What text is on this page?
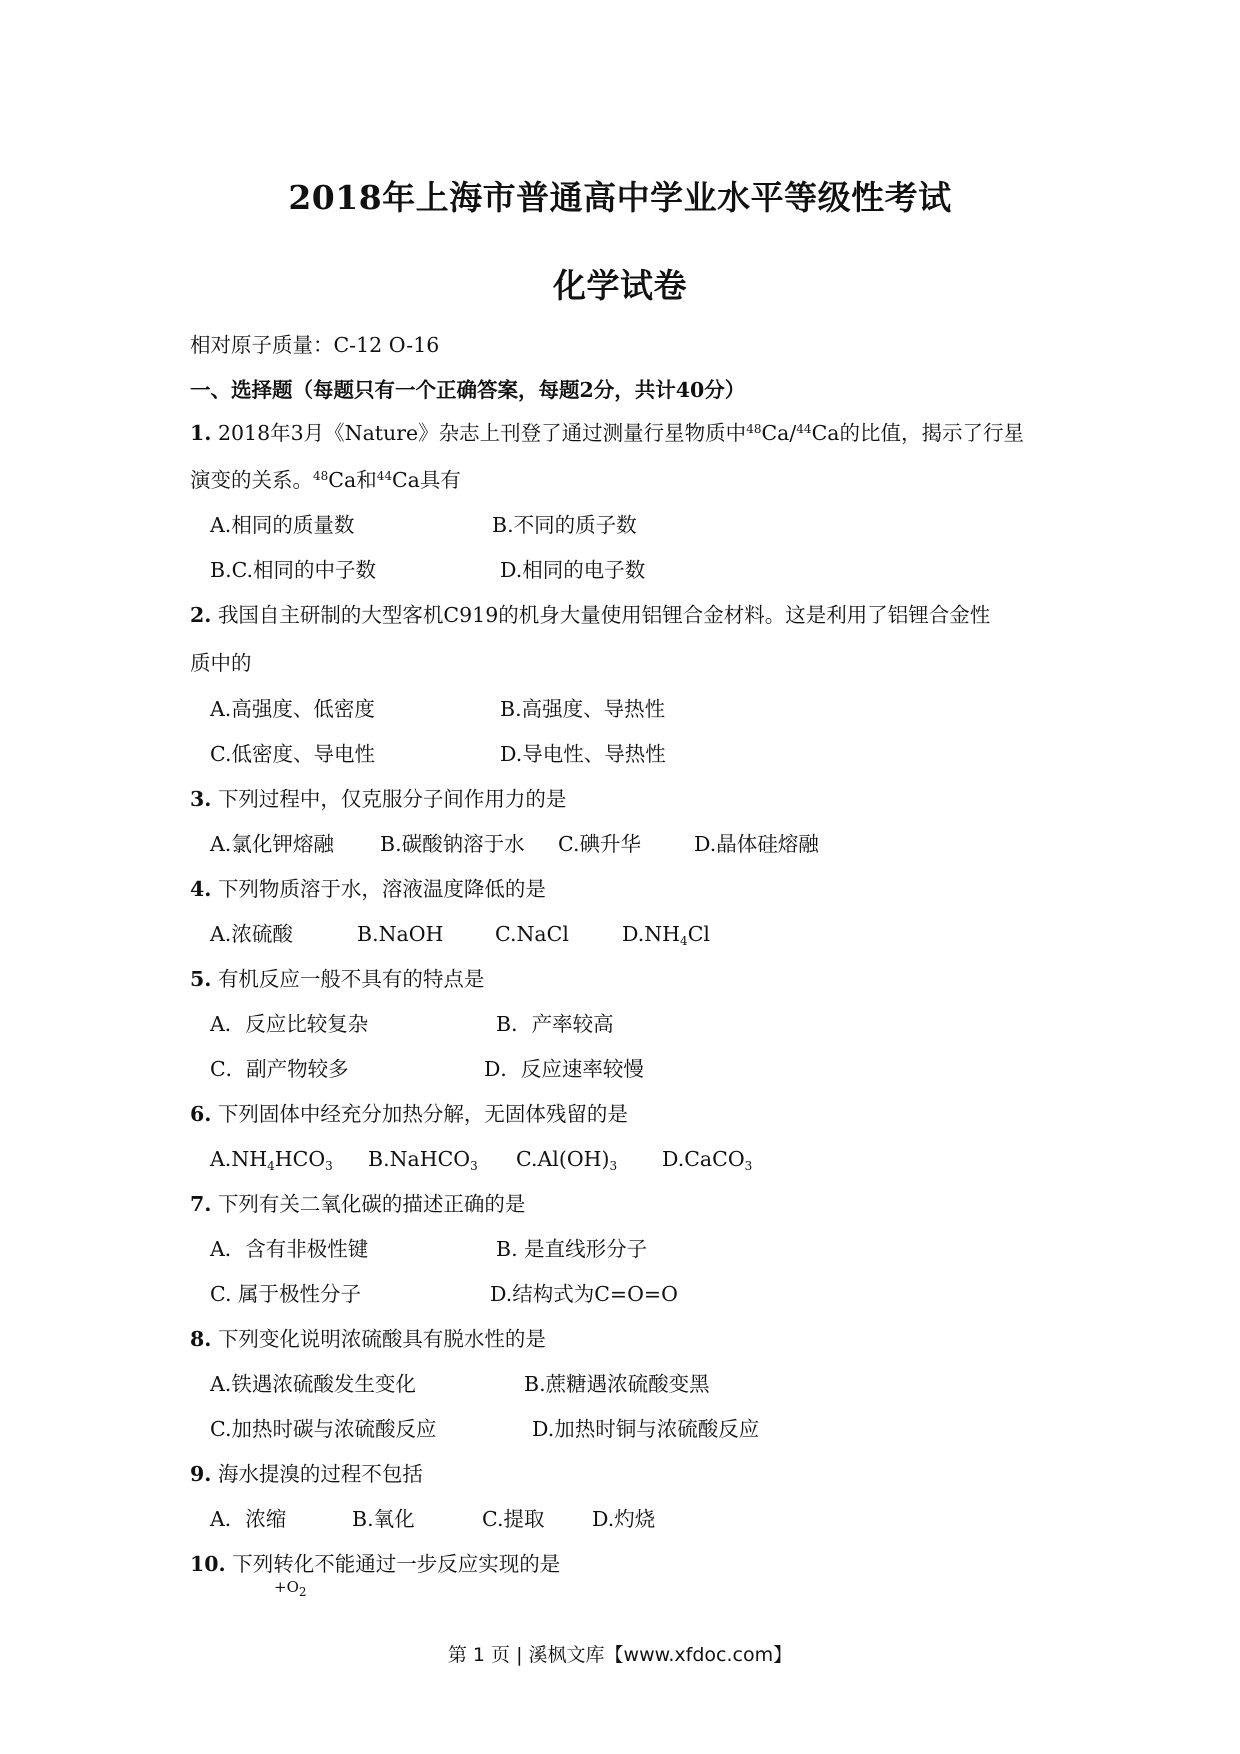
2018年上海市普通高中学业水平等级性考试
化学试卷
相对原子质量：C-12 O-16
一、选择题（每题只有一个正确答案，每题2分，共计40分）
1. 2018年3月《Nature》杂志上刊登了通过测量行星物质中$^{48}$Ca/$^{44}$Ca的比值，揭示了行星
演变的关系。$^{48}$Ca和$^{44}$Ca具有
A.相同的质量数	B.不同的质子数
B.C.相同的中子数	D.相同的电子数
2. 我国自主研制的大型客机C919的机身大量使用铝锂合金材料。这是利用了铝锂合金性
质中的
A.高强度、低密度	B.高强度、导热性
C.低密度、导电性	D.导电性、导热性
3. 下列过程中，仅克服分子间作用力的是
A.氯化钾熔融 B.碳酸钠溶于水 C.碘升华	D.晶体硅熔融
4. 下列物质溶于水，溶液温度降低的是
A.浓硫酸	B.NaOH	C.NaCl	$D.NH_4Cl$
5. 有机反应一般不具有的特点是
A．反应比较复杂	B．产率较高
C．副产物较多	D．反应速率较慢
6. 下列固体中经充分加热分解，无固体残留的是
$A.NH_4HCO_3$ B.NaHCO$_3$ $C.Al(OH)_3$ D.CaCO$_3$
7. 下列有关二氧化碳的描述正确的是
A．含有非极性键	B. 是直线形分子
C. 属于极性分子	D.结构式为C=O=O
8. 下列变化说明浓硫酸具有脱水性的是
A.铁遇浓硫酸发生变化	B.蔗糖遇浓硫酸变黑
C.加热时碳与浓硫酸反应	D.加热时铜与浓硫酸反应
9. 海水提溴的过程不包括
A．浓缩	B.氧化	C.提取 D.灼烧
10. 下列转化不能通过一步反应实现的是
$+O_2$
第 1 页 | 溪枫文库【www.xfdoc.com】
